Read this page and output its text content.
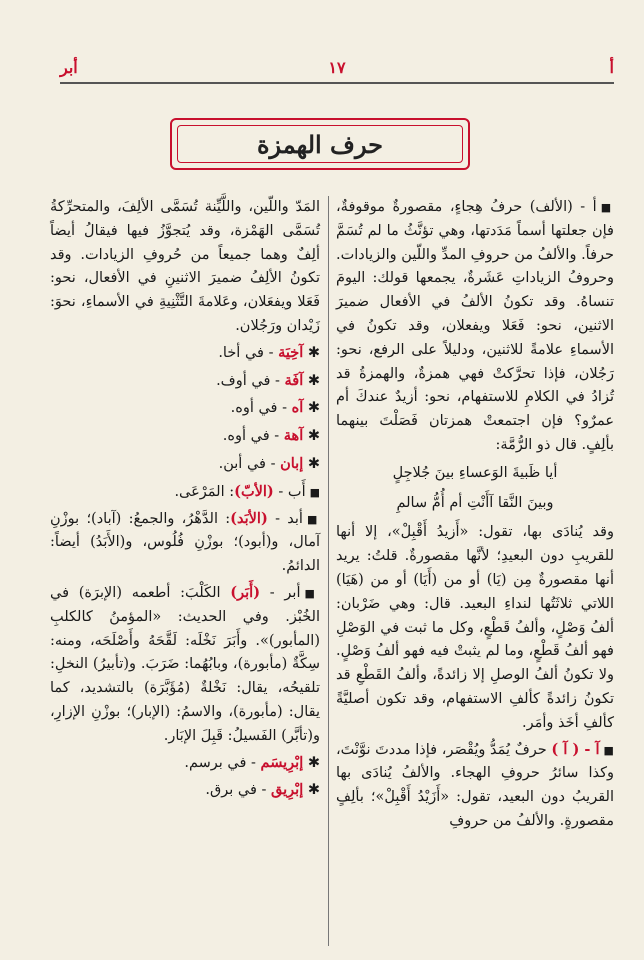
أ
١٧
أبر
حرف الهمزة

■أ - (الألف) حرفُ هِجاءٍ، مقصورةٌ موقوفةٌ، فإن جعلتها أسماً مَدَدتها، وهي تؤنَّثُ ما لم تُسَمَّ حرفاً. والألفُ من حروفِ المدِّ واللّين والزيادات. وحروفُ الزياداتِ عَشَرةٌ، يجمعها قولك: اليومَ تنساهُ. وقد تكونُ الألفُ في الأفعال ضميرَ الاثنين، نحو: فَعَلا ويفعلان، وقد تكونُ في الأسماءِ علامةً للاثنين، ودليلاً على الرفع، نحو: رَجُلان، فإذا تحرَّكتْ فهي همزةٌ، والهمزةُ قد تُزادُ في الكلامِ للاستفهام، نحو: أزيدٌ عندكَ أم عمرٌو؟ فإن اجتمعتْ همزتان فَصَلْتَ بينهما بألِفٍ. قال ذو الرُّمَّة:

أيا ظَبيةَ الوَعساءِ بينَ جُلاجِلٍ
وبينَ النَّقا آأَنْتِ أم أُمُّ سالمِ

وقد يُنادَى بها، تقول: «أَزيدُ أَقْبِلْ»، إلا أنها للقريبِ دون البعيدِ؛ لأنَّها مقصورةٌ. قلتُ: يريد أنها مقصورةٌ مِن (يَا) أو من (أَيَا) أو من (هَيَا) اللاتي ثلاثَتُها لنداءِ البعيد. قال: وهي ضَرْبان: ألفُ وَصْلٍ، وألفُ قَطْعٍ، وكل ما ثبت في الوَصْلِ فهو ألفُ قَطْعٍ، وما لم يثبتْ فيه فهو ألفُ وَصْلٍ. ولا تكونُ ألفُ الوصلِ إلا زائدةً، وألفُ القَطْعِ قد تكونُ زائدةً كألفِ الاستفهام، وقد تكون أصليَّةً كألفِ أخَذ وأمَر.

■آ - ( آ ) حرفٌ يُمَدُّ ويُقْصَر، فإذا مددتَ نوَّنْتَ، وكذا سائرُ حروفِ الهجاء. والألفُ يُنادَى بها القريبُ دون البعيد، تقول: «أَزَيْدُ أَقْبِلْ»؛ بألِفٍ مقصورةٍ. والألفُ من حروفِ

المَدّ واللّين، واللَّيِّنة تُسَمَّى الألِفَ، والمتحرِّكةُ تُسَمَّى الهَمْزة، وقد يُتجوَّزُ فيها فيقالُ أيضاً ألِفٌ وهما جميعاً من حُروفِ الزيادات. وقد تكونُ الألِفُ ضميرَ الاثنينِ في الأفعال، نحو: فَعَلا ويفعَلان، وعَلامةَ التَّثْنِيةِ في الأسماءِ، نحوَ: زَيْدان ورَجُلان.

✱ آخِيَة - في أخا.

✱ آفَة - في أوف.

✱ آه - في أوه.

✱ آهة - في أوه.

✱ إبان - في أبن.

■أَب - (الأبّ): المَرْعَى.

■أبد - (الأبَد): الدَّهْرُ، والجمعُ: (آباد)؛ بوزْنِ آمال، و(أبود)؛ بوزْنِ فُلُوس، و(الأَبَدُ) أيضاً: الدائمُ.

■أبر - (أَبَر) الكَلْبَ: أطعمه (الإبرَة) في الخُبْز. وفي الحديث: «المؤمنُ كالكلبِ (المأبور)». وأَبَرَ نَخْلَه: لَقَّحَهُ وأَصْلَحَه، ومنه: سِكَّةٌ (مأبورة)، وبابُهُما: ضَرَبَ. و(تأبيرُ) النخلِ: تلقيحُه، يقال: نَخْلةٌ (مُؤَبَّرَة) بالتشديد، كما يقال: (مأبورة)، والاسمُ: (الإبار)؛ بوزْنِ الإزارِ، و(تأبَّر) الفَسيلُ: قَبِلَ الإبَار.

✱ إبْرِيسَم - في برسم.

✱ إبْرِيق - في برق.
